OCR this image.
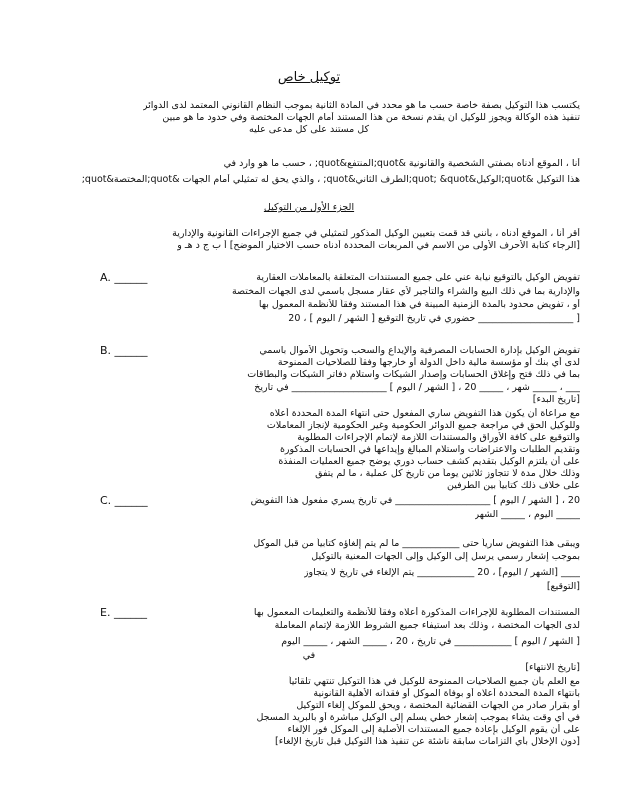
توكيل خاص
يكتسب هذا التوكيل بصفة خاصة حسب ما هو محدد في المادة الثانية بموجب النظام القانوني المعتمد لدى الدوائر
تنفيذ هذه الوكالة ويجوز للوكيل ان يقدم نسخة من هذا المستند أمام الجهات المختصة وفي حدود ما هو مبين
كل مستند على كل مدعى عليه
أنا ، الموقع أدناه بصفتي الشخصية والقانونية &quot;المنتفع&quot; ، حسب ما هو وارد في
هذا التوكيل &quot;الوكيل&quot; &quot;الطرف الثاني&quot; ، والذي يحق له تمثيلي أمام الجهات &quot;المختصة&quot;
الجزء الأول من التوكيل
أقر أنا ، الموقع أدناه ، بأنني قد قمت بتعيين الوكيل المذكور لتمثيلي في جميع الإجراءات القانونية والإدارية
[الرجاء كتابة الأحرف الأولى من الاسم في المربعات المحددة أدناه حسب الاختيار الموضح] أ ب ج د هـ و
A. ______	تفويض الوكيل بالتوقيع نيابة عني على جميع المستندات المتعلقة بالمعاملات العقارية
والإدارية بما في ذلك البيع والشراء والتأجير لأي عقار مسجل باسمي لدى الجهات المختصة
أو ، تفويض محدود بالمدة الزمنية المبينة في هذا المستند وفقاً للأنظمة المعمول بها
[ ____________________ حضوري في تاريخ التوقيع [ الشهر / اليوم ] ، 20
B. ______	تفويض الوكيل بإدارة الحسابات المصرفية والإيداع والسحب وتحويل الأموال باسمي
لدى أي بنك أو مؤسسة مالية داخل الدولة أو خارجها وفقاً للصلاحيات الممنوحة
بما في ذلك فتح وإغلاق الحسابات وإصدار الشيكات واستلام دفاتر الشيكات والبطاقات
___ ، _____ شهر ، _____ 20 ، [ الشهر / اليوم ] ____________________ في تاريخ
[تاريخ البدء]
مع مراعاة أن يكون هذا التفويض ساري المفعول حتى انتهاء المدة المحددة أعلاه
وللوكيل الحق في مراجعة جميع الدوائر الحكومية وغير الحكومية لإنجاز المعاملات
والتوقيع على كافة الأوراق والمستندات اللازمة لإتمام الإجراءات المطلوبة
وتقديم الطلبات والاعتراضات واستلام المبالغ وإيداعها في الحسابات المذكورة
على أن يلتزم الوكيل بتقديم كشف حساب دوري يوضح جميع العمليات المنفذة
وذلك خلال مدة لا تتجاوز ثلاثين يوماً من تاريخ كل عملية ، ما لم يتفق
على خلاف ذلك كتابياً بين الطرفين
C. ______	20 ، [ الشهر / اليوم ] ____________________ في تاريخ يسري مفعول هذا التفويض
_____ اليوم ، _____ الشهر
ويبقى هذا التفويض سارياً حتى ____________ ما لم يتم إلغاؤه كتابياً من قبل الموكل
بموجب إشعار رسمي يرسل إلى الوكيل وإلى الجهات المعنية بالتوكيل
____ [الشهر / اليوم] ، 20 ____________ يتم الإلغاء في تاريخ لا يتجاوز
[التوقيع]
E. ______	المستندات المطلوبة للإجراءات المذكورة أعلاه وفقاً للأنظمة والتعليمات المعمول بها
لدى الجهات المختصة ، وذلك بعد استيفاء جميع الشروط اللازمة لإتمام المعاملة
[ الشهر / اليوم ] ____________ في تاريخ ، 20 ، _____ الشهر ، _____ اليوم
في
[تاريخ الانتهاء]
مع العلم بأن جميع الصلاحيات الممنوحة للوكيل في هذا التوكيل تنتهي تلقائياً
بانتهاء المدة المحددة أعلاه أو بوفاة الموكل أو فقدانه الأهلية القانونية
أو بقرار صادر من الجهات القضائية المختصة ، ويحق للموكل إلغاء التوكيل
في أي وقت يشاء بموجب إشعار خطي يسلم إلى الوكيل مباشرة أو بالبريد المسجل
على أن يقوم الوكيل بإعادة جميع المستندات الأصلية إلى الموكل فور الإلغاء
[دون الإخلال بأي التزامات سابقة ناشئة عن تنفيذ هذا التوكيل قبل تاريخ الإلغاء]
